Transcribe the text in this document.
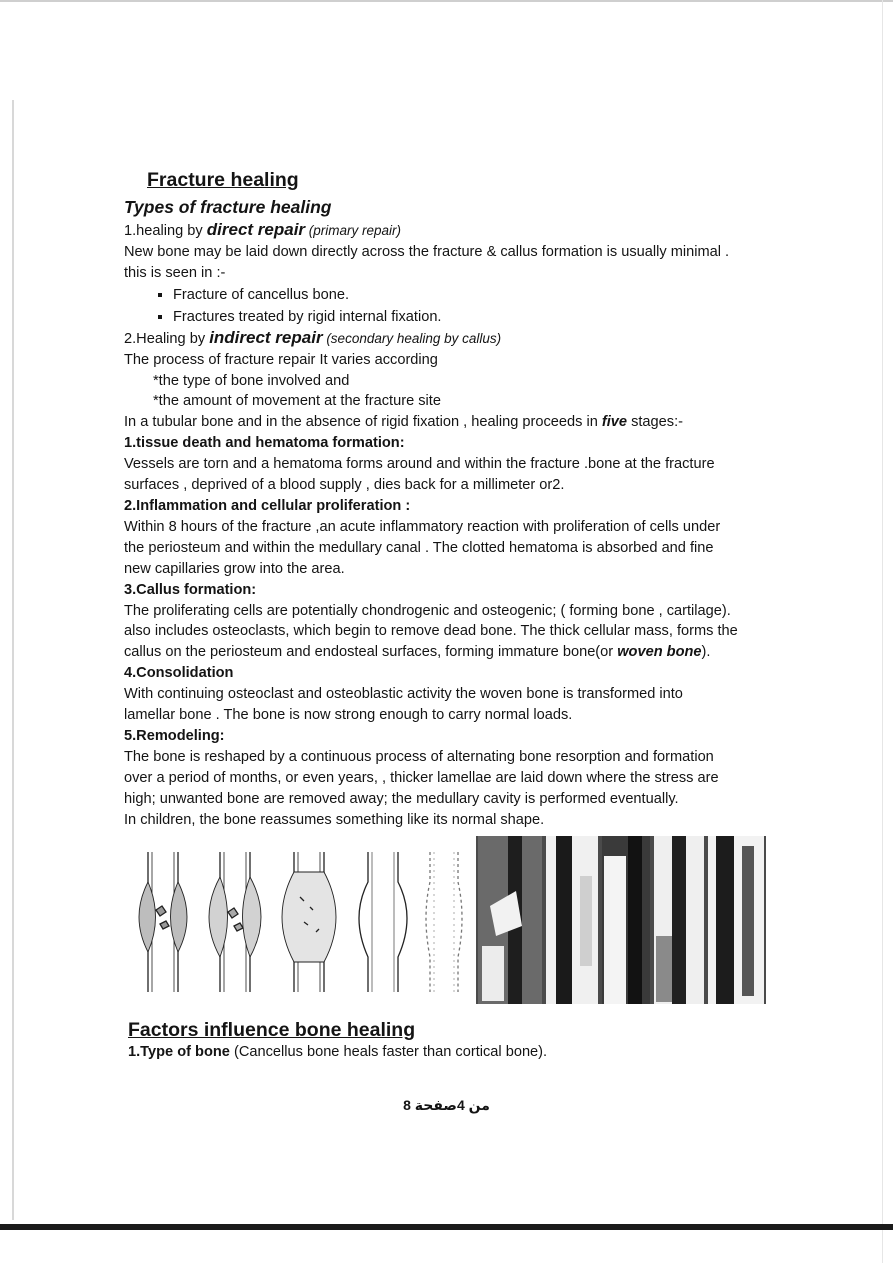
Fracture healing
Types of fracture healing

1.healing by direct repair (primary repair)

New bone may be laid down directly across the fracture & callus formation is usually minimal .

this is seen in :-

▪ Fracture of cancellus bone.
▪ Fractures treated by rigid internal fixation.

2.Healing by indirect repair (secondary healing by callus)

The process of fracture repair It varies according

*the type of bone involved and

*the amount of movement at the fracture site

In a tubular bone and in the absence of rigid fixation , healing proceeds in five stages:-

1.tissue death and hematoma formation:

Vessels are torn and a hematoma forms around and within the fracture .bone at the fracture

surfaces , deprived of a blood supply , dies back for a millimeter or2.

2.Inflammation and cellular proliferation :

Within 8 hours of the fracture ,an acute inflammatory reaction with proliferation of cells under

the periosteum and within the medullary canal . The clotted hematoma is absorbed and fine

new capillaries grow into the area.

3.Callus formation:

The proliferating cells are potentially chondrogenic and osteogenic; ( forming bone , cartilage).

also includes osteoclasts, which begin to remove dead bone. The thick cellular mass, forms the

callus on the periosteum and endosteal surfaces, forming immature bone(or woven bone).

4.Consolidation

With continuing osteoclast and osteoblastic activity the woven bone is transformed into

lamellar bone . The bone is now strong enough to carry normal loads.

5.Remodeling:

The bone is reshaped by a continuous process of alternating bone resorption and formation

over a period of months, or even years, , thicker lamellae are laid down where the stress are

high; unwanted bone are removed away; the medullary cavity is performed eventually.

In children, the bone reassumes something like its normal shape.

Factors influence bone healing

1.Type of bone (Cancellus bone heals faster than cortical bone).

8 من 4صفحة
